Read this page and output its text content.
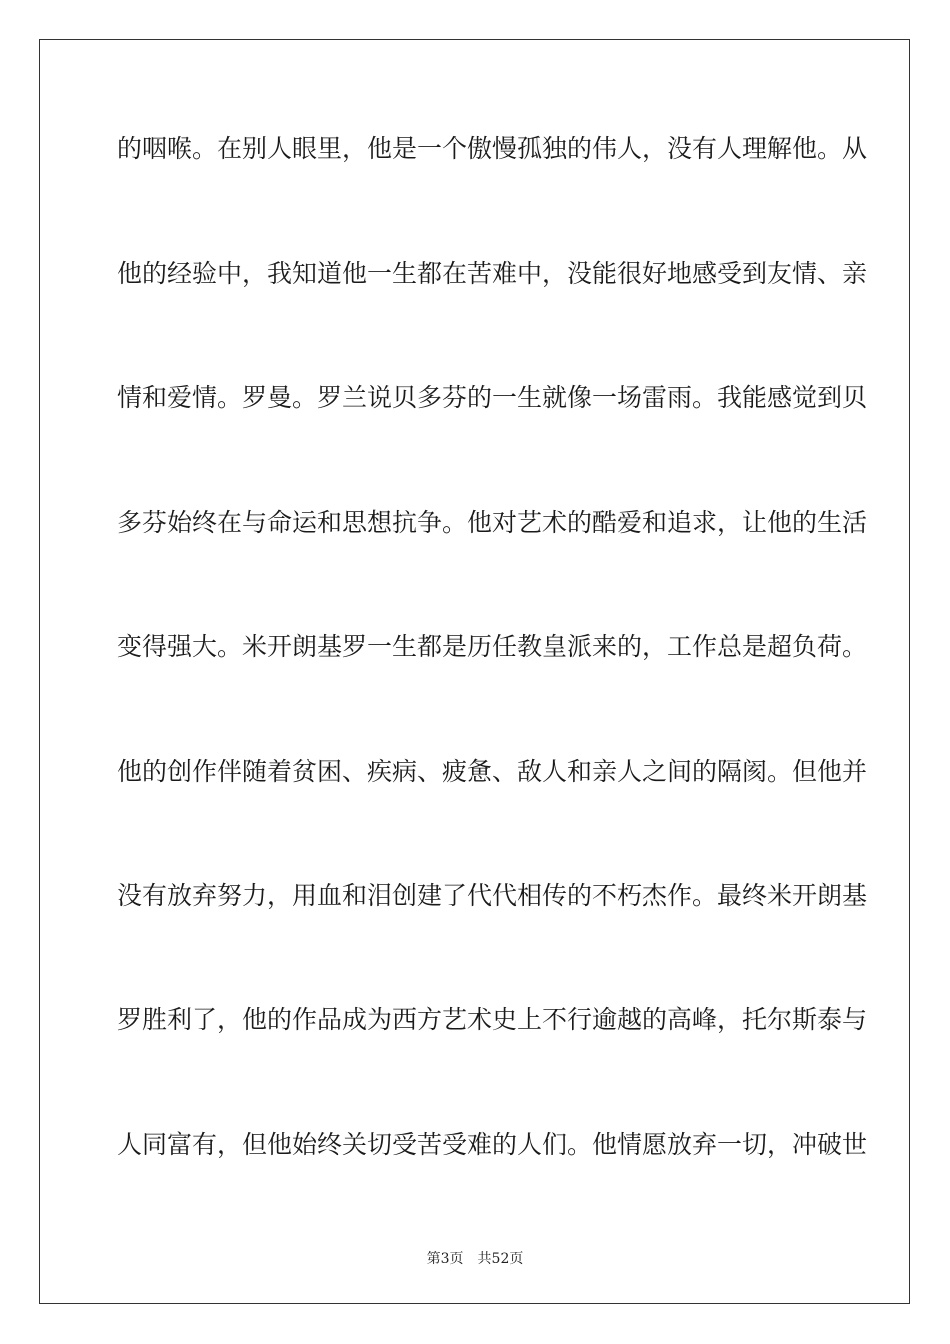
的咽喉。在别人眼里，他是一个傲慢孤独的伟人，没有人理解他。从
他的经验中，我知道他一生都在苦难中，没能很好地感受到友情、亲
情和爱情。罗曼。罗兰说贝多芬的一生就像一场雷雨。我能感觉到贝
多芬始终在与命运和思想抗争。他对艺术的酷爱和追求，让他的生活
变得强大。米开朗基罗一生都是历任教皇派来的，工作总是超负荷。
他的创作伴随着贫困、疾病、疲惫、敌人和亲人之间的隔阂。但他并
没有放弃努力，用血和泪创建了代代相传的不朽杰作。最终米开朗基
罗胜利了，他的作品成为西方艺术史上不行逾越的高峰，托尔斯泰与
人同富有，但他始终关切受苦受难的人们。他情愿放弃一切，冲破世
第3页 共52页
